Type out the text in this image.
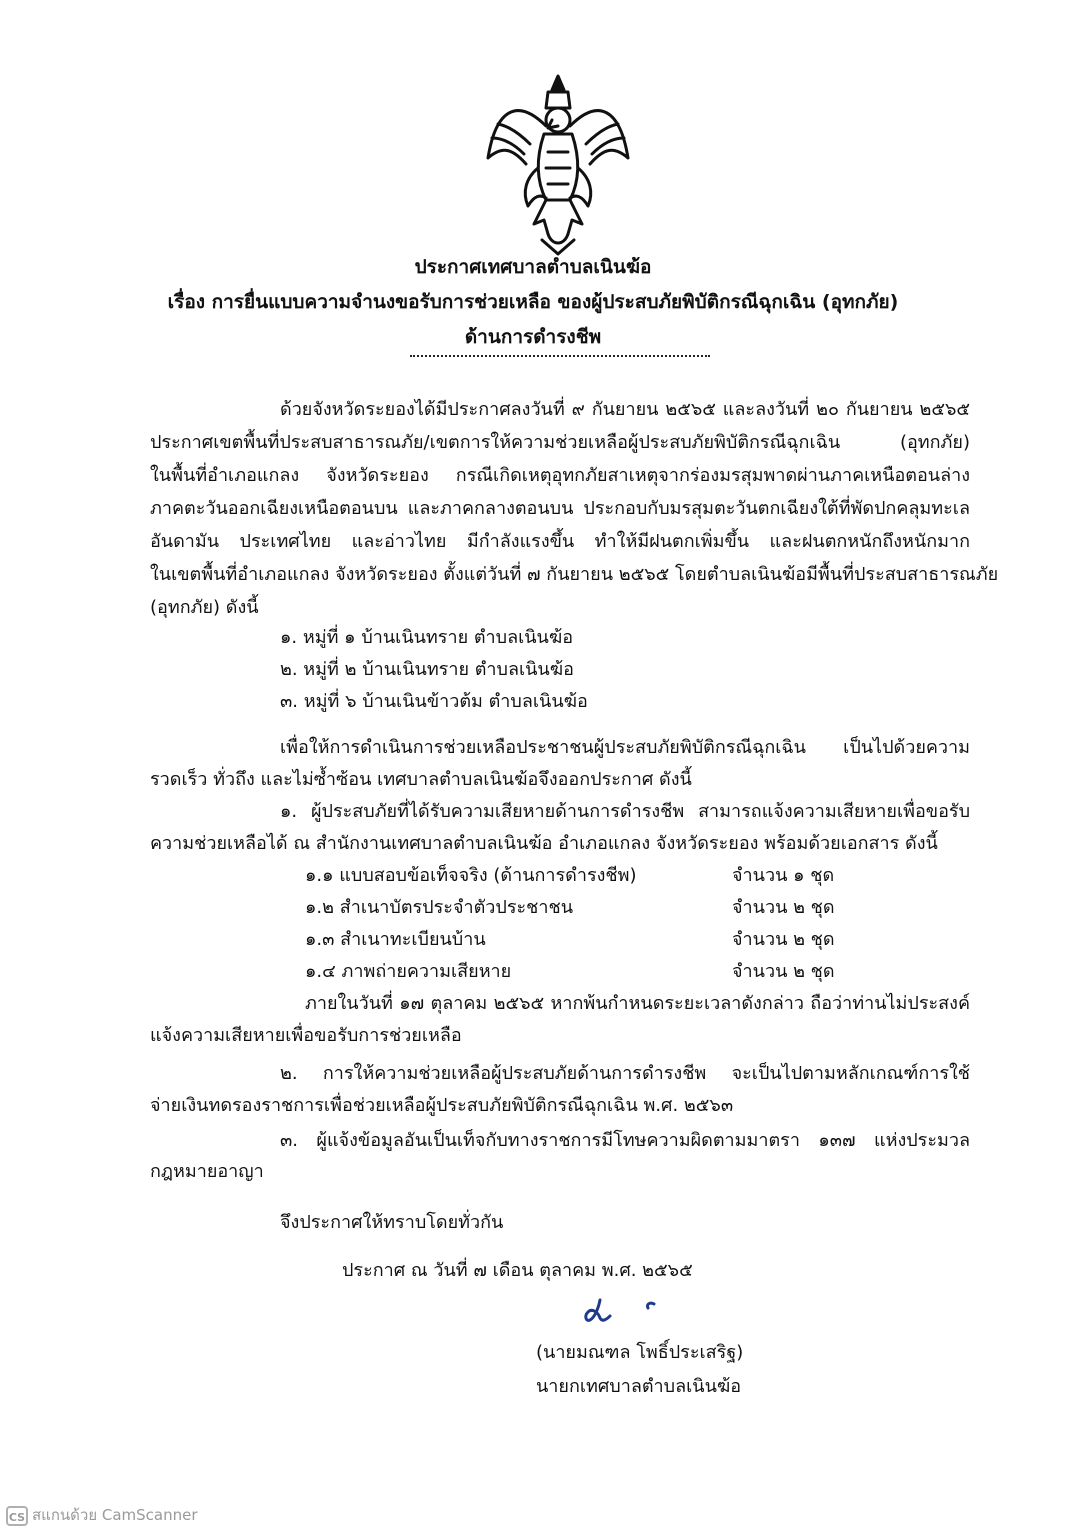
ประกาศเทศบาลตำบลเนินฆ้อ
เรื่อง การยื่นแบบความจำนงขอรับการช่วยเหลือ ของผู้ประสบภัยพิบัติกรณีฉุกเฉิน (อุทกภัย)
ด้านการดำรงชีพ
ด้วยจังหวัดระยองได้มีประกาศลงวันที่ ๙ กันยายน ๒๕๖๕ และลงวันที่ ๒๐ กันยายน ๒๕๖๕
ประกาศเขตพื้นที่ประสบสาธารณภัย/เขตการให้ความช่วยเหลือผู้ประสบภัยพิบัติกรณีฉุกเฉิน (อุทกภัย)
ในพื้นที่อำเภอแกลง จังหวัดระยอง กรณีเกิดเหตุอุทกภัยสาเหตุจากร่องมรสุมพาดผ่านภาคเหนือตอนล่าง
ภาคตะวันออกเฉียงเหนือตอนบน และภาคกลางตอนบน ประกอบกับมรสุมตะวันตกเฉียงใต้ที่พัดปกคลุมทะเล
อันดามัน ประเทศไทย และอ่าวไทย มีกำลังแรงขึ้น ทำให้มีฝนตกเพิ่มขึ้น และฝนตกหนักถึงหนักมาก
ในเขตพื้นที่อำเภอแกลง จังหวัดระยอง ตั้งแต่วันที่ ๗ กันยายน ๒๕๖๕ โดยตำบลเนินฆ้อมีพื้นที่ประสบสาธารณภัย
(อุทกภัย) ดังนี้
๑. หมู่ที่ ๑ บ้านเนินทราย ตำบลเนินฆ้อ
๒. หมู่ที่ ๒ บ้านเนินทราย ตำบลเนินฆ้อ
๓. หมู่ที่ ๖ บ้านเนินข้าวต้ม ตำบลเนินฆ้อ
เพื่อให้การดำเนินการช่วยเหลือประชาชนผู้ประสบภัยพิบัติกรณีฉุกเฉิน เป็นไปด้วยความ
รวดเร็ว ทั่วถึง และไม่ซ้ำซ้อน เทศบาลตำบลเนินฆ้อจึงออกประกาศ ดังนี้
๑. ผู้ประสบภัยที่ได้รับความเสียหายด้านการดำรงชีพ สามารถแจ้งความเสียหายเพื่อขอรับ
ความช่วยเหลือได้ ณ สำนักงานเทศบาลตำบลเนินฆ้อ อำเภอแกลง จังหวัดระยอง พร้อมด้วยเอกสาร ดังนี้
๑.๑ แบบสอบข้อเท็จจริง (ด้านการดำรงชีพ)	จำนวน ๑ ชุด
๑.๒ สำเนาบัตรประจำตัวประชาชน	จำนวน ๒ ชุด
๑.๓ สำเนาทะเบียนบ้าน	จำนวน ๒ ชุด
๑.๔ ภาพถ่ายความเสียหาย	จำนวน ๒ ชุด
ภายในวันที่ ๑๗ ตุลาคม ๒๕๖๕ หากพ้นกำหนดระยะเวลาดังกล่าว ถือว่าท่านไม่ประสงค์
แจ้งความเสียหายเพื่อขอรับการช่วยเหลือ
๒. การให้ความช่วยเหลือผู้ประสบภัยด้านการดำรงชีพ จะเป็นไปตามหลักเกณฑ์การใช้
จ่ายเงินทดรองราชการเพื่อช่วยเหลือผู้ประสบภัยพิบัติกรณีฉุกเฉิน พ.ศ. ๒๕๖๓
๓. ผู้แจ้งข้อมูลอันเป็นเท็จกับทางราชการมีโทษความผิดตามมาตรา ๑๓๗ แห่งประมวล
กฎหมายอาญา
จึงประกาศให้ทราบโดยทั่วกัน
ประกาศ ณ วันที่ ๗ เดือน ตุลาคม พ.ศ. ๒๕๖๕
(นายมณฑล โพธิ์ประเสริฐ)
นายกเทศบาลตำบลเนินฆ้อ
CS สแกนด้วย CamScanner
